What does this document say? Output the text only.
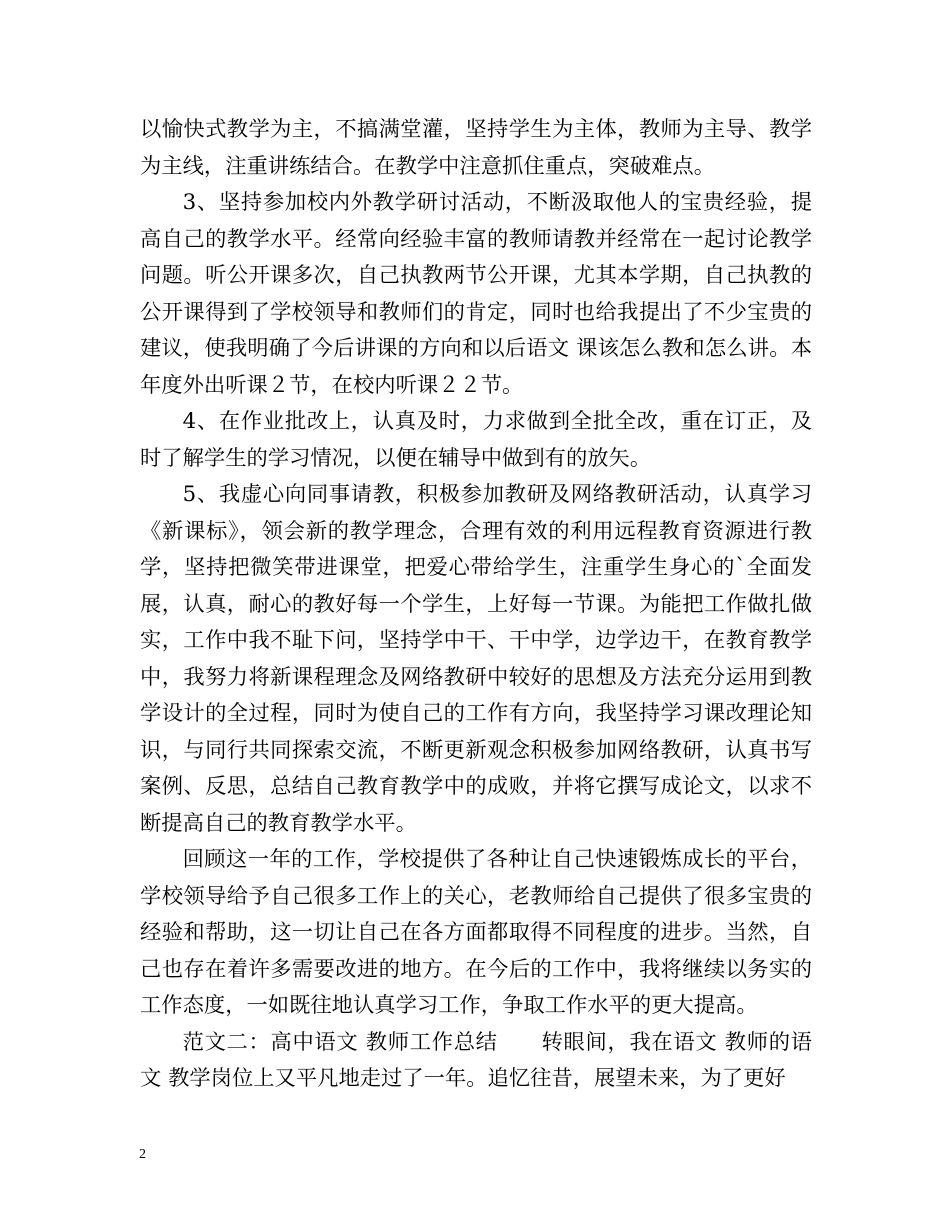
以愉快式教学为主，不搞满堂灌，坚持学生为主体，教师为主导、教学为主线，注重讲练结合。在教学中注意抓住重点，突破难点。

3、坚持参加校内外教学研讨活动，不断汲取他人的宝贵经验，提高自己的教学水平。经常向经验丰富的教师请教并经常在一起讨论教学问题。听公开课多次，自己执教两节公开课，尤其本学期，自己执教的公开课得到了学校领导和教师们的肯定，同时也给我提出了不少宝贵的建议，使我明确了今后讲课的方向和以后语文 课该怎么教和怎么讲。本年度外出听课２节，在校内听课２２节。

4、在作业批改上，认真及时，力求做到全批全改，重在订正，及时了解学生的学习情况，以便在辅导中做到有的放矢。

5、我虚心向同事请教，积极参加教研及网络教研活动，认真学习《新课标》，领会新的教学理念，合理有效的利用远程教育资源进行教学，坚持把微笑带进课堂，把爱心带给学生，注重学生身心的`全面发展，认真，耐心的教好每一个学生，上好每一节课。为能把工作做扎做实，工作中我不耻下问，坚持学中干、干中学，边学边干，在教育教学中，我努力将新课程理念及网络教研中较好的思想及方法充分运用到教学设计的全过程，同时为使自己的工作有方向，我坚持学习课改理论知识，与同行共同探索交流，不断更新观念积极参加网络教研，认真书写案例、反思，总结自己教育教学中的成败，并将它撰写成论文，以求不断提高自己的教育教学水平。

回顾这一年的工作，学校提供了各种让自己快速锻炼成长的平台，学校领导给予自己很多工作上的关心，老教师给自己提供了很多宝贵的经验和帮助，这一切让自己在各方面都取得不同程度的进步。当然，自己也存在着许多需要改进的地方。在今后的工作中，我将继续以务实的工作态度，一如既往地认真学习工作，争取工作水平的更大提高。

范文二：高中语文 教师工作总结　　转眼间，我在语文 教师的语文 教学岗位上又平凡地走过了一年。追忆往昔，展望未来，为了更好

2
